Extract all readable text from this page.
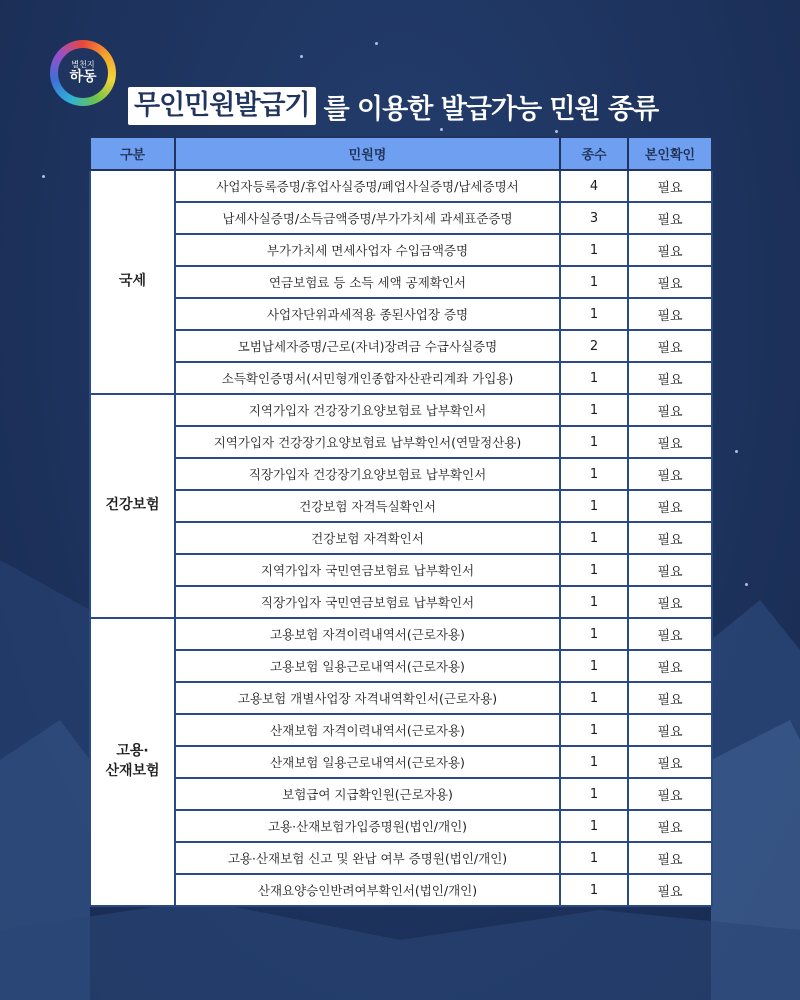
별천지
하동
무인민원발급기 를 이용한 발급가능 민원 종류
구분	민원명	종수	본인확인
국세	사업자등록증명/휴업사실증명/폐업사실증명/납세증명서	4	필요
	납세사실증명/소득금액증명/부가가치세 과세표준증명	3	필요
	부가가치세 면세사업자 수입금액증명	1	필요
	연금보험료 등 소득 세액 공제확인서	1	필요
	사업자단위과세적용 종된사업장 증명	1	필요
	모범납세자증명/근로(자녀)장려금 수급사실증명	2	필요
	소득확인증명서(서민형개인종합자산관리계좌 가입용)	1	필요
건강보험	지역가입자 건강장기요양보험료 납부확인서	1	필요
	지역가입자 건강장기요양보험료 납부확인서(연말정산용)	1	필요
	직장가입자 건강장기요양보험료 납부확인서	1	필요
	건강보험 자격득실확인서	1	필요
	건강보험 자격확인서	1	필요
	지역가입자 국민연금보험료 납부확인서	1	필요
	직장가입자 국민연금보험료 납부확인서	1	필요
고용·
산재보험	고용보험 자격이력내역서(근로자용)	1	필요
	고용보험 일용근로내역서(근로자용)	1	필요
	고용보험 개별사업장 자격내역확인서(근로자용)	1	필요
	산재보험 자격이력내역서(근로자용)	1	필요
	산재보험 일용근로내역서(근로자용)	1	필요
	보험급여 지급확인원(근로자용)	1	필요
	고용·산재보험가입증명원(법인/개인)	1	필요
	고용·산재보험 신고 및 완납 여부 증명원(법인/개인)	1	필요
	산재요양승인반려여부확인서(법인/개인)	1	필요
